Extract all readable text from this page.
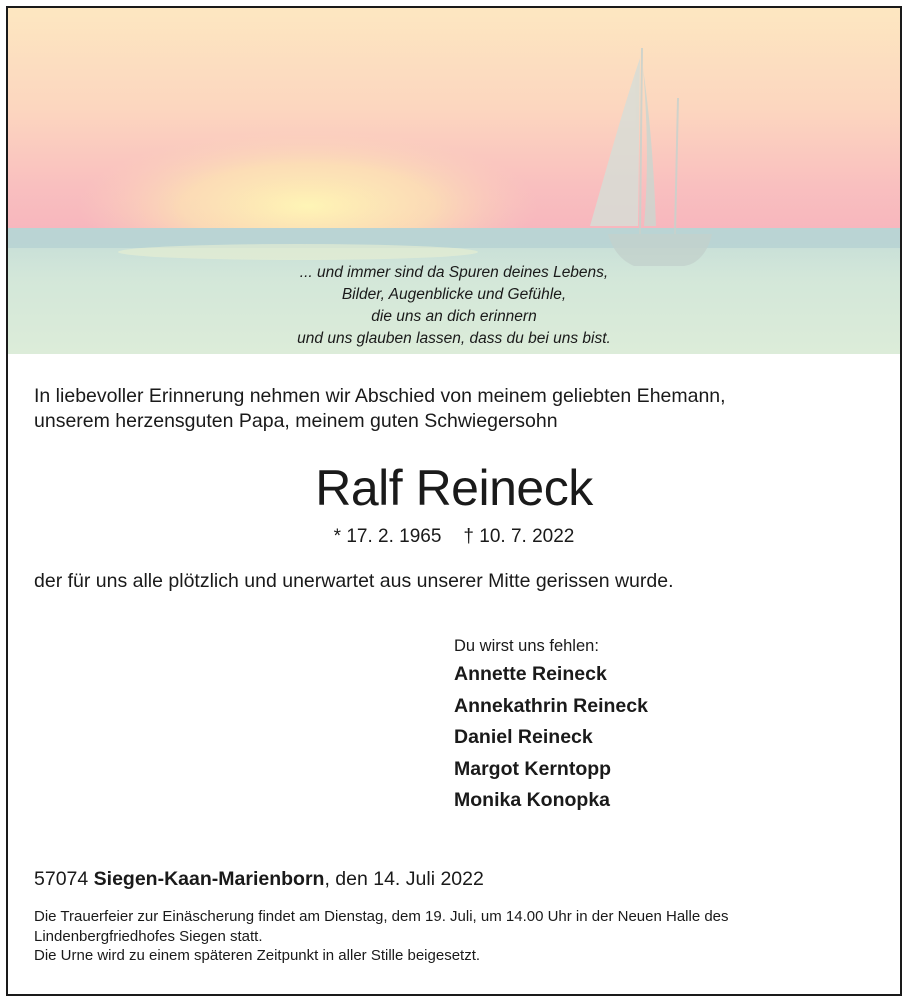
... und immer sind da Spuren deines Lebens,
Bilder, Augenblicke und Gefühle,
die uns an dich erinnern
und uns glauben lassen, dass du bei uns bist.
In liebevoller Erinnerung nehmen wir Abschied von meinem geliebten Ehemann,
unserem herzensguten Papa, meinem guten Schwiegersohn
Ralf Reineck
* 17. 2. 1965 † 10. 7. 2022
der für uns alle plötzlich und unerwartet aus unserer Mitte gerissen wurde.
Du wirst uns fehlen:
Annette Reineck
Annekathrin Reineck
Daniel Reineck
Margot Kerntopp
Monika Konopka
57074 Siegen-Kaan-Marienborn, den 14. Juli 2022
Die Trauerfeier zur Einäscherung findet am Dienstag, dem 19. Juli, um 14.00 Uhr in der Neuen Halle des
Lindenbergfriedhofes Siegen statt.
Die Urne wird zu einem späteren Zeitpunkt in aller Stille beigesetzt.
